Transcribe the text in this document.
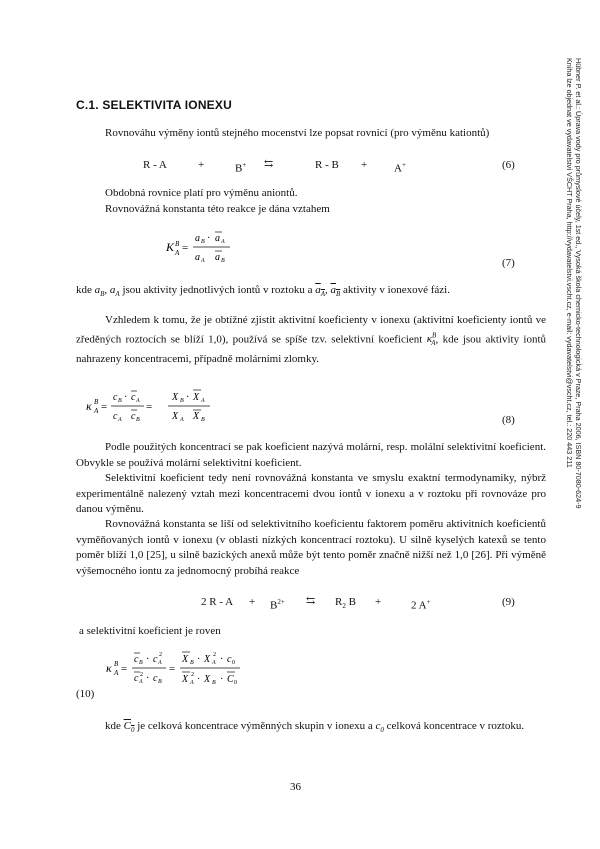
Hübner P. et al.: Úprava vody pro průmyslové účely, 1st ed., Vysoká škola chemicko-technologická v Praze, Praha 2006, ISBN 80-7080-624-9
Kniha lze objednat ve vydavatelství VŠCHT Praha, http://vydavatelstvi.vscht.cz, e-mail: vydavatelstvi@vscht.cz, tel.: 220 443 211
C.1. SELEKTIVITA IONEXU
Rovnováhu výměny iontů stejného mocenství lze popsat rovnicí (pro výměnu kationtů)
R - A	+	B+ ⇆	R - B + A+	(6)
Obdobná rovnice platí pro výměnu aniontů.
Rovnovážná konstanta této reakce je dána vztahem
K B
A =
a B · a A
a A a B	(7)
kde $a_B$, $a_A$ jsou aktivity jednotlivých iontů v roztoku a $a_A$, $a_B$ aktivity v ionexové fázi.
Vzhledem k tomu, že je obtížné zjistit aktivitní koeficienty v ionexu (aktivitní koeficienty iontů ve zředěných roztocích se blíží 1,0), používá se spíše tzv. selektivní koeficient $\kappa^B_A$, kde jsou aktivity iontů nahrazeny koncentracemi, případně molárními zlomky.
κ B
A =
c B · c A
c A c B
=
X B · X A
X A X B	(8)
Podle použitých koncentrací se pak koeficient nazývá molární, resp. molální selektivitní koeficient. Obvykle se používá molární selektivitní koeficient.
Selektivitní koeficient tedy není rovnovážná konstanta ve smyslu exaktní termodynamiky, nýbrž experimentálně nalezený vztah mezi koncentracemi dvou iontů v ionexu a v roztoku při rovnováze pro danou výměnu.
Rovnovážná konstanta se liší od selektivitního koeficientu faktorem poměru aktivitních koeficientů vyměňovaných iontů v ionexu (v oblasti nízkých koncentrací roztoku). U silně kyselých katexů se tento poměr blíží 1,0 [25], u silně bazických anexů může být tento poměr značně nižší než 1,0 [26]. Při výměně výšemocného iontu za jednomocný probíhá reakce
2 $R - A + B^{2+}$ ⇆ $R_2$ B +	2 A+	(9)
a selektivitní koeficient je roven
κ B
A =
c B · c A
2
c A
2 · c B
=
X B · X A
2 · c 0
X A
2 · X B · C 0
(10)
kde $C_0$ je celková koncentrace výměnných skupin v ionexu a $c_0$ celková koncentrace v roztoku.
36
